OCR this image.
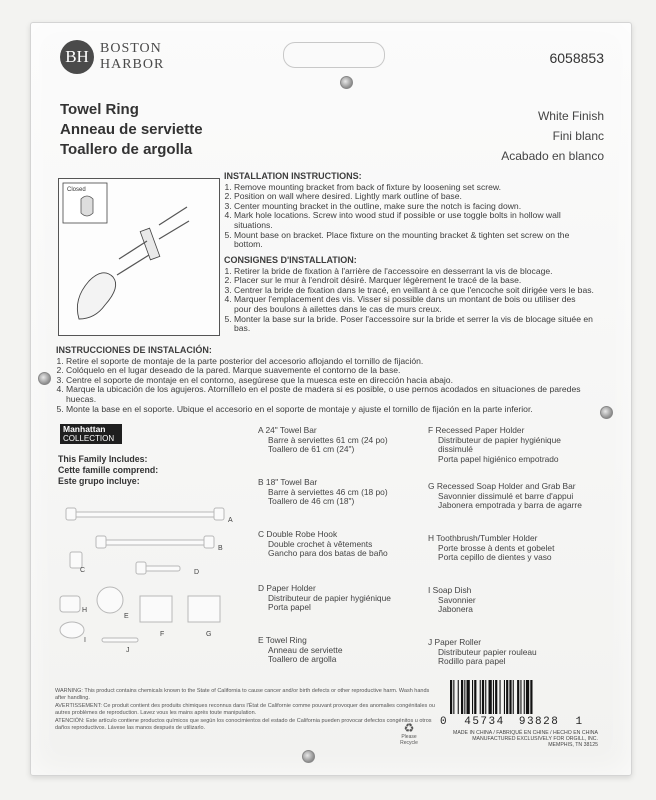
BH BOSTON
HARBOR	6058853
Towel Ring
Anneau de serviette
Toallero de argolla
White Finish
Fini blanc
Acabado en blanco
Closed
INSTALLATION INSTRUCTIONS:
1. Remove mounting bracket from back of fixture by loosening set screw.
2. Position on wall where desired. Lightly mark outline of base.
3. Center mounting bracket in the outline, make sure the notch is facing down.
4. Mark hole locations. Screw into wood stud if possible or use toggle bolts in hollow wall situations.
5. Mount base on bracket. Place fixture on the mounting bracket & tighten set screw on the bottom.
CONSIGNES D'INSTALLATION:
1. Retirer la bride de fixation à l'arrière de l'accessoire en desserrant la vis de blocage.
2. Placer sur le mur à l'endroit désiré. Marquer légèrement le tracé de la base.
3. Centrer la bride de fixation dans le tracé, en veillant à ce que l'encoche soit dirigée vers le bas.
4. Marquer l'emplacement des vis. Visser si possible dans un montant de bois ou utiliser des pour des boulons à ailettes dans le cas de murs creux.
5. Monter la base sur la bride. Poser l'accessoire sur la bride et serrer la vis de blocage située en bas.
INSTRUCCIONES DE INSTALACIÓN:
1. Retire el soporte de montaje de la parte posterior del accesorio aflojando el tornillo de fijación.
2. Colóquelo en el lugar deseado de la pared. Marque suavemente el contorno de la base.
3. Centre el soporte de montaje en el contorno, asegúrese que la muesca este en dirección hacia abajo.
4. Marque la ubicación de los agujeros. Atorníllelo en el poste de madera si es posible, o use pernos acodados en situaciones de paredes huecas.
5. Monte la base en el soporte. Ubique el accesorio en el soporte de montaje y ajuste el tornillo de fijación en la parte inferior.
Manhattan
COLLECTION
This Family Includes:
Cette famille comprend:
Este grupo incluye:
A
B
C	D
E
F	G
H
I
J
A 24" Towel Bar
Barre à serviettes 61 cm (24 po)
Toallero de 61 cm (24")
B 18" Towel Bar
Barre à serviettes 46 cm (18 po)
Toallero de 46 cm (18")
C Double Robe Hook
Double crochet à vêtements
Gancho para dos batas de baño
D Paper Holder
Distributeur de papier hygiénique
Porta papel
E Towel Ring
Anneau de serviette
Toallero de argolla
F Recessed Paper Holder
Distributeur de papier hygiénique dissimulé
Porta papel higiénico empotrado
G Recessed Soap Holder and Grab Bar
Savonnier dissimulé et barre d'appui
Jabonera empotrada y barra de agarre
H Toothbrush/Tumbler Holder
Porte brosse à dents et gobelet
Porta cepillo de dientes y vaso
I Soap Dish
Savonnier
Jabonera
J Paper Roller
Distributeur papier rouleau
Rodillo para papel
WARNING: This product contains chemicals known to the State of California to cause cancer and/or birth defects or other reproductive harm. Wash hands after handling.
AVERTISSEMENT: Ce produit contient des produits chimiques reconnus dans l'État de Californie comme pouvant provoquer des anomalies congénitales ou autres problèmes de reproduction. Lavez vous les mains après toute manipulation.
ATENCIÓN: Este artículo contiene productos químicos que según los conocimientos del estado de California pueden provocar defectos congénitos u otros daños reproductivos. Lávese las manos después de utilizarlo.	♻
Please Recycle
0 45734 93828 1
MADE IN CHINA / FABRIQUÉ EN CHINE / HECHO EN CHINA
MANUFACTURED EXCLUSIVELY FOR ORGILL, INC.
MEMPHIS, TN 38125
